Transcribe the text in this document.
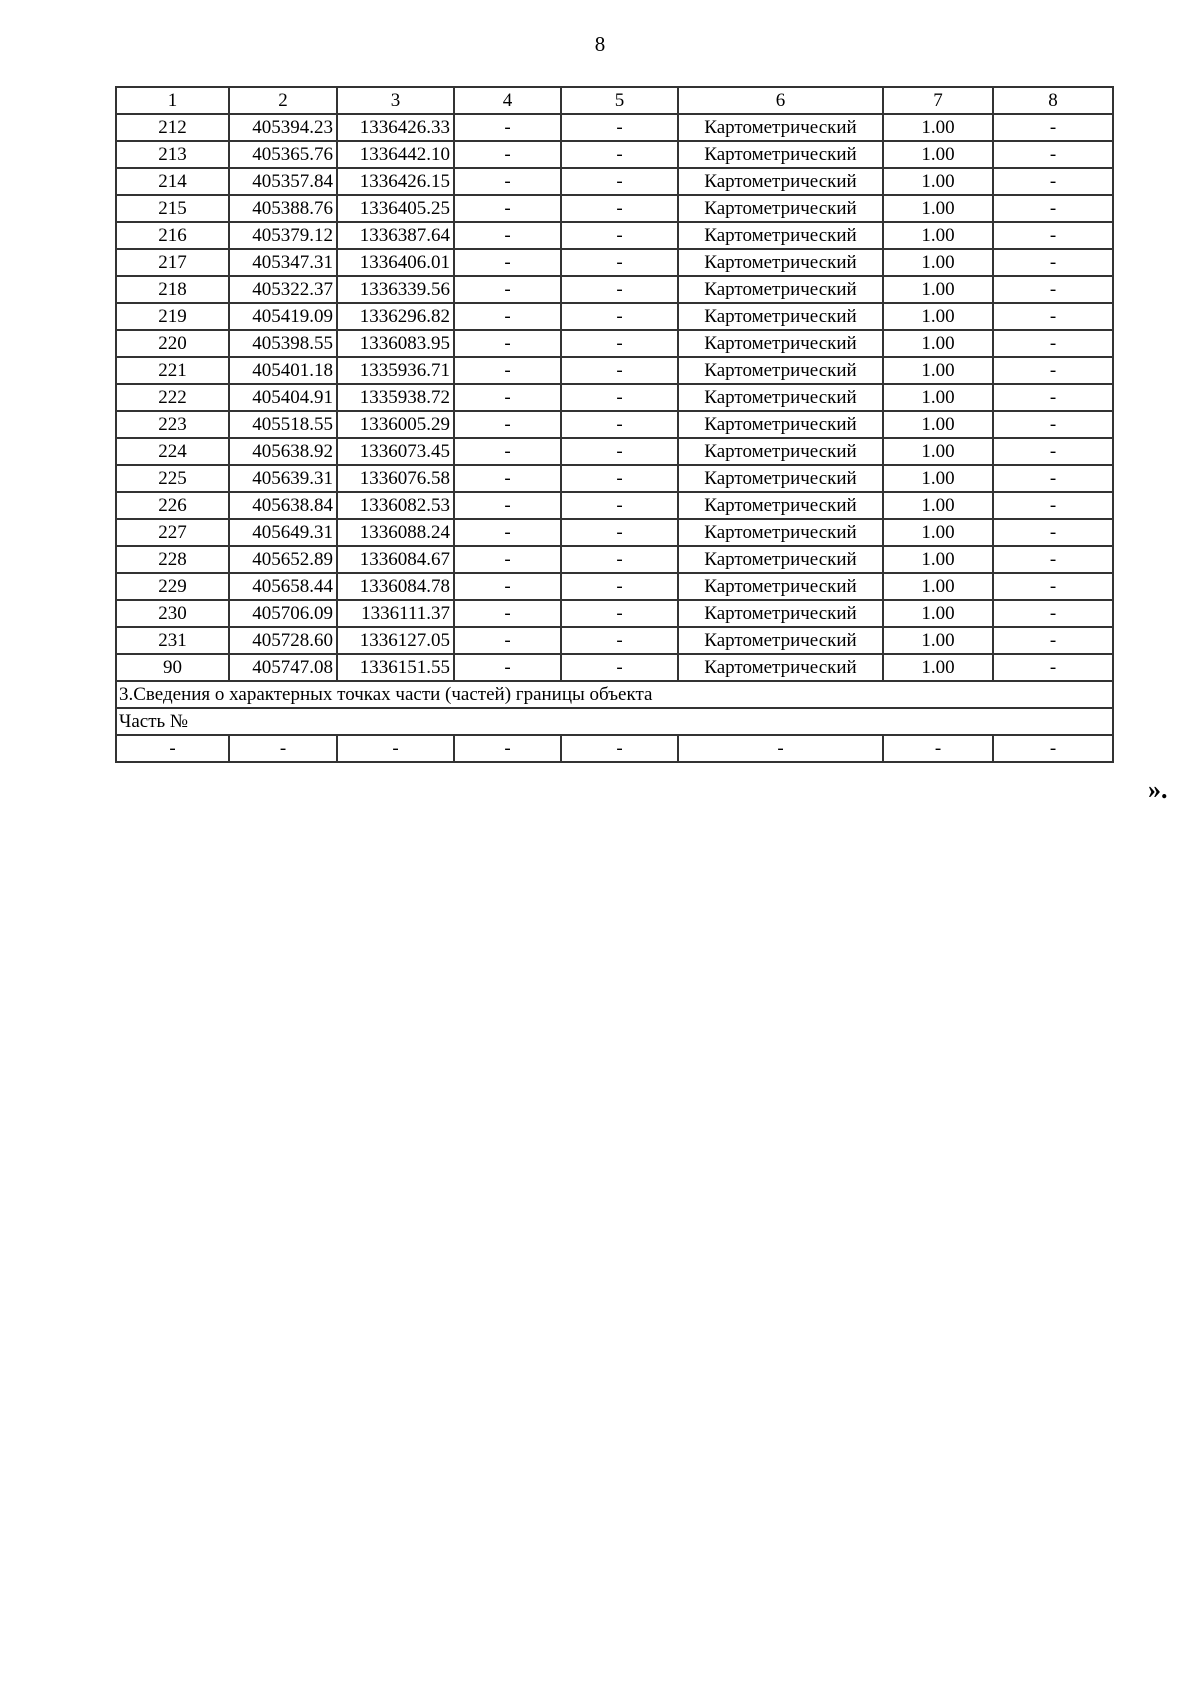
8
1	2	3	4	5	6	7	8
212	405394.23	1336426.33	-	-	Картометрический	1.00	-
213	405365.76	1336442.10	-	-	Картометрический	1.00	-
214	405357.84	1336426.15	-	-	Картометрический	1.00	-
215	405388.76	1336405.25	-	-	Картометрический	1.00	-
216	405379.12	1336387.64	-	-	Картометрический	1.00	-
217	405347.31	1336406.01	-	-	Картометрический	1.00	-
218	405322.37	1336339.56	-	-	Картометрический	1.00	-
219	405419.09	1336296.82	-	-	Картометрический	1.00	-
220	405398.55	1336083.95	-	-	Картометрический	1.00	-
221	405401.18	1335936.71	-	-	Картометрический	1.00	-
222	405404.91	1335938.72	-	-	Картометрический	1.00	-
223	405518.55	1336005.29	-	-	Картометрический	1.00	-
224	405638.92	1336073.45	-	-	Картометрический	1.00	-
225	405639.31	1336076.58	-	-	Картометрический	1.00	-
226	405638.84	1336082.53	-	-	Картометрический	1.00	-
227	405649.31	1336088.24	-	-	Картометрический	1.00	-
228	405652.89	1336084.67	-	-	Картометрический	1.00	-
229	405658.44	1336084.78	-	-	Картометрический	1.00	-
230	405706.09	1336111.37	-	-	Картометрический	1.00	-
231	405728.60	1336127.05	-	-	Картометрический	1.00	-
90	405747.08	1336151.55	-	-	Картометрический	1.00	-
3.Сведения о характерных точках части (частей) границы объекта							
Часть №							
-	-	-	-	-	-	-	-
».
